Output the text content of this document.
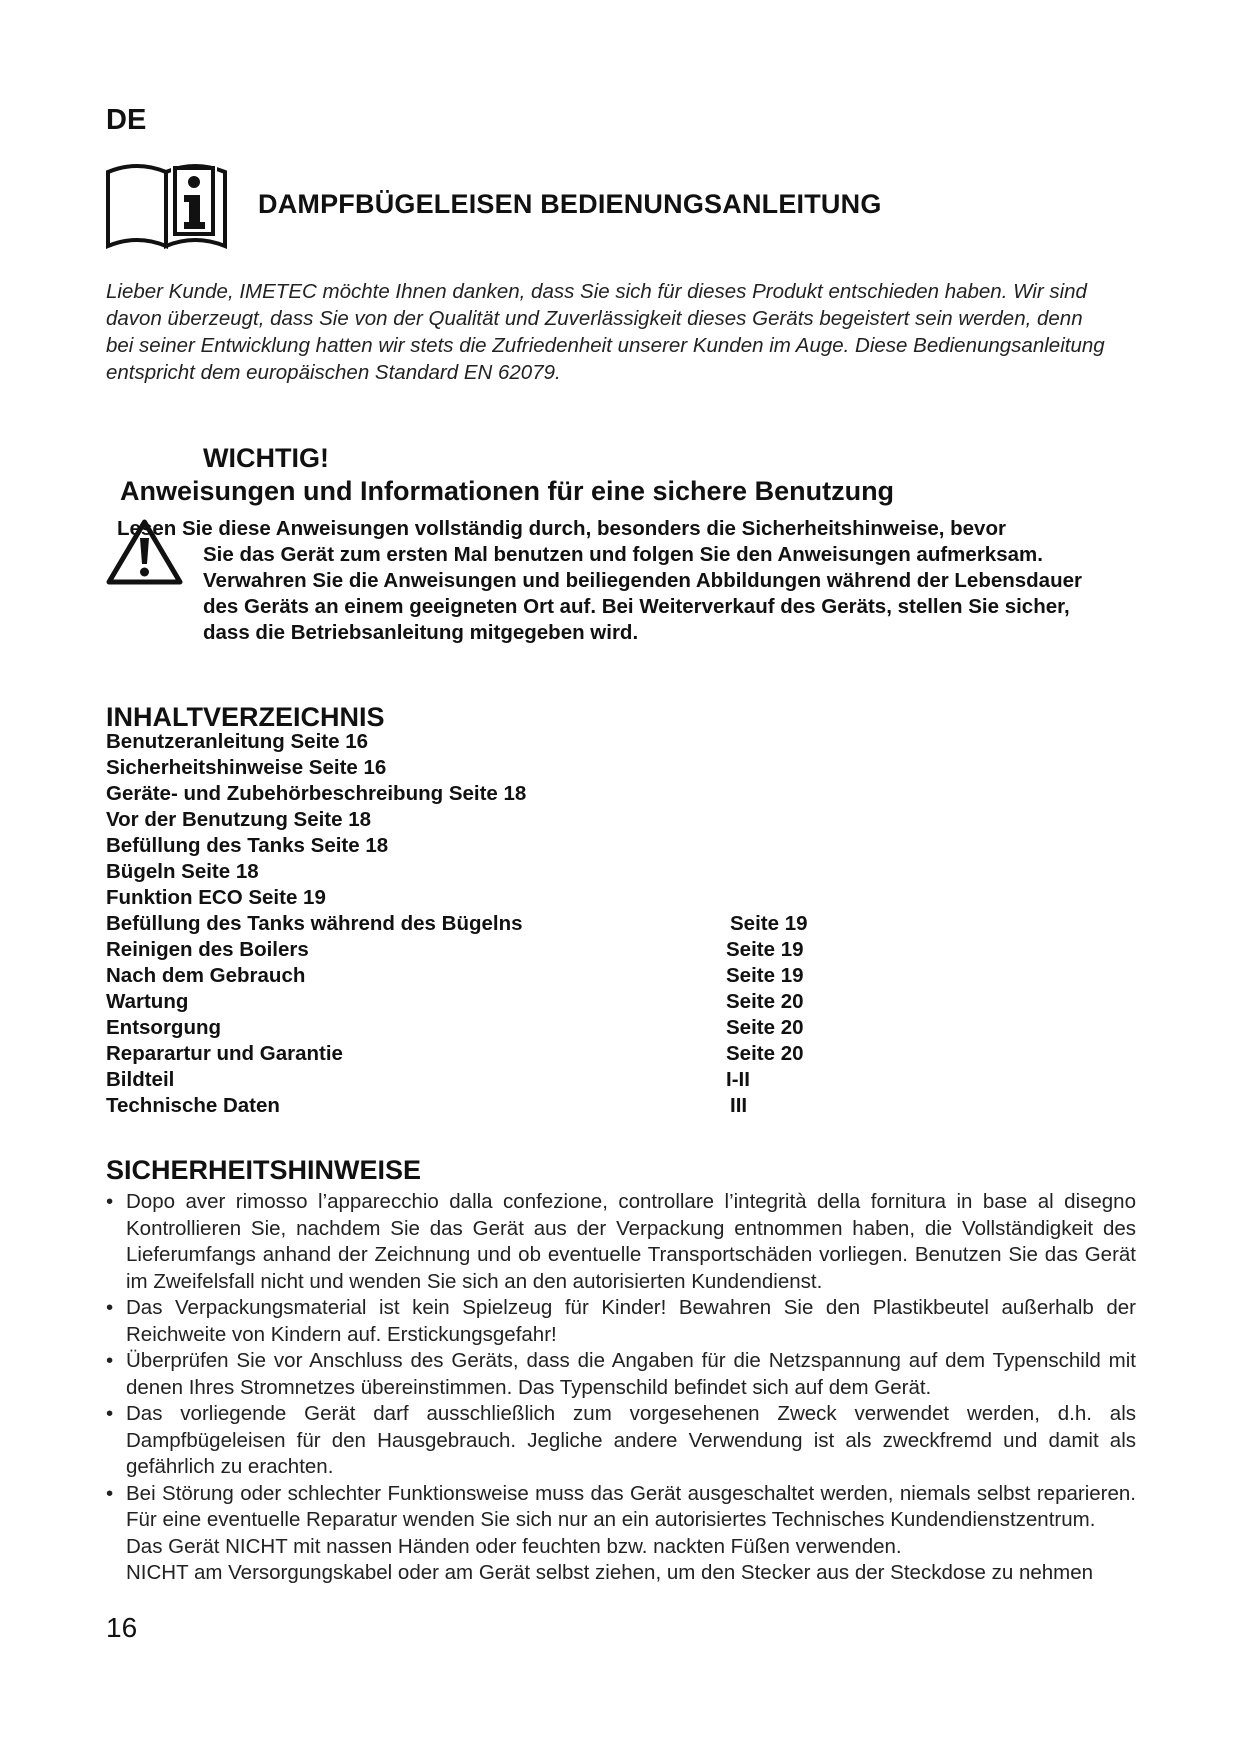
DE
DAMPFBÜGELEISEN BEDIENUNGSANLEITUNG
Lieber Kunde, IMETEC möchte Ihnen danken, dass Sie sich für dieses Produkt entschieden haben. Wir sind
davon überzeugt, dass Sie von der Qualität und Zuverlässigkeit dieses Geräts begeistert sein werden, denn
bei seiner Entwicklung hatten wir stets die Zufriedenheit unserer Kunden im Auge. Diese Bedienungsanleitung
entspricht dem europäischen Standard EN 62079.
WICHTIG!
Anweisungen und Informationen für eine sichere Benutzung
Lesen Sie diese Anweisungen vollständig durch, besonders die Sicherheitshinweise, bevor
Sie das Gerät zum ersten Mal benutzen und folgen Sie den Anweisungen aufmerksam.
Verwahren Sie die Anweisungen und beiliegenden Abbildungen während der Lebensdauer
des Geräts an einem geeigneten Ort auf. Bei Weiterverkauf des Geräts, stellen Sie sicher,
dass die Betriebsanleitung mitgegeben wird.
INHALTVERZEICHNIS
Benutzeranleitung Seite 16
Sicherheitshinweise Seite 16
Geräte- und Zubehörbeschreibung Seite 18
Vor der Benutzung Seite 18
Befüllung des Tanks Seite 18
Bügeln Seite 18
Funktion ECO Seite 19
Befüllung des Tanks während des Bügelns	Seite 19
Reinigen des Boilers	Seite 19
Nach dem Gebrauch	Seite 19
Wartung	Seite 20
Entsorgung	Seite 20
Reparartur und Garantie	Seite 20
Bildteil	I-II
Technische Daten	III
SICHERHEITSHINWEISE
• Dopo aver rimosso l’apparecchio dalla confezione, controllare l’integrità della fornitura in base al disegno Kontrollieren Sie, nachdem Sie das Gerät aus der Verpackung entnommen haben, die Vollständigkeit des Lieferumfangs anhand der Zeichnung und ob eventuelle Transportschäden vorliegen. Benutzen Sie das Gerät im Zweifelsfall nicht und wenden Sie sich an den autorisierten Kundendienst.
• Das Verpackungsmaterial ist kein Spielzeug für Kinder! Bewahren Sie den Plastikbeutel außerhalb der Reichweite von Kindern auf. Erstickungsgefahr!
• Überprüfen Sie vor Anschluss des Geräts, dass die Angaben für die Netzspannung auf dem Typenschild mit denen Ihres Stromnetzes übereinstimmen. Das Typenschild befindet sich auf dem Gerät.
• Das vorliegende Gerät darf ausschließlich zum vorgesehenen Zweck verwendet werden, d.h. als Dampfbügeleisen für den Hausgebrauch. Jegliche andere Verwendung ist als zweckfremd und damit als gefährlich zu erachten.
• Bei Störung oder schlechter Funktionsweise muss das Gerät ausgeschaltet werden, niemals selbst reparieren. Für eine eventuelle Reparatur wenden Sie sich nur an ein autorisiertes Technisches Kundendienstzentrum.
Das Gerät NICHT mit nassen Händen oder feuchten bzw. nackten Füßen verwenden.
NICHT am Versorgungskabel oder am Gerät selbst ziehen, um den Stecker aus der Steckdose zu nehmen
16
